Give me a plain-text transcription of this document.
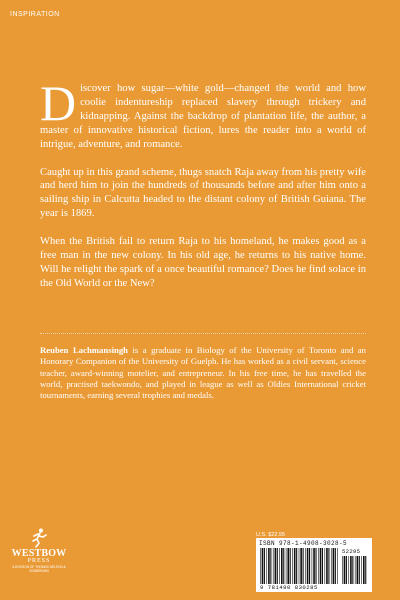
INSPIRATION

Discover how sugar—white gold—changed the world and how coolie indentureship replaced slavery through trickery and kidnapping. Against the backdrop of plantation life, the author, a master of innovative historical fiction, lures the reader into a world of intrigue, adventure, and romance.

Caught up in this grand scheme, thugs snatch Raja away from his pretty wife and herd him to join the hundreds of thousands before and after him onto a sailing ship in Calcutta headed to the distant colony of British Guiana. The year is 1869.

When the British fail to return Raja to his homeland, he makes good as a free man in the new colony. In his old age, he returns to his native home. Will he relight the spark of a once beautiful romance? Does he find solace in the Old World or the New?

Reuben Lachmansingh is a graduate in Biology of the University of Toronto and an Honorary Companion of the University of Guelph. He has worked as a civil servant, science teacher, award-winning motelier, and entrepreneur. In his free time, he has travelled the world, practised taekwondo, and played in league as well as Oldies International cricket tournaments, earning several trophies and medals.
WESTBOW
PRESS
A DIVISION OF THOMAS NELSON & ZONDERVAN
U.S. $22.95
ISBN 978-1-4908-3028-5
9 781490 830285
52295
